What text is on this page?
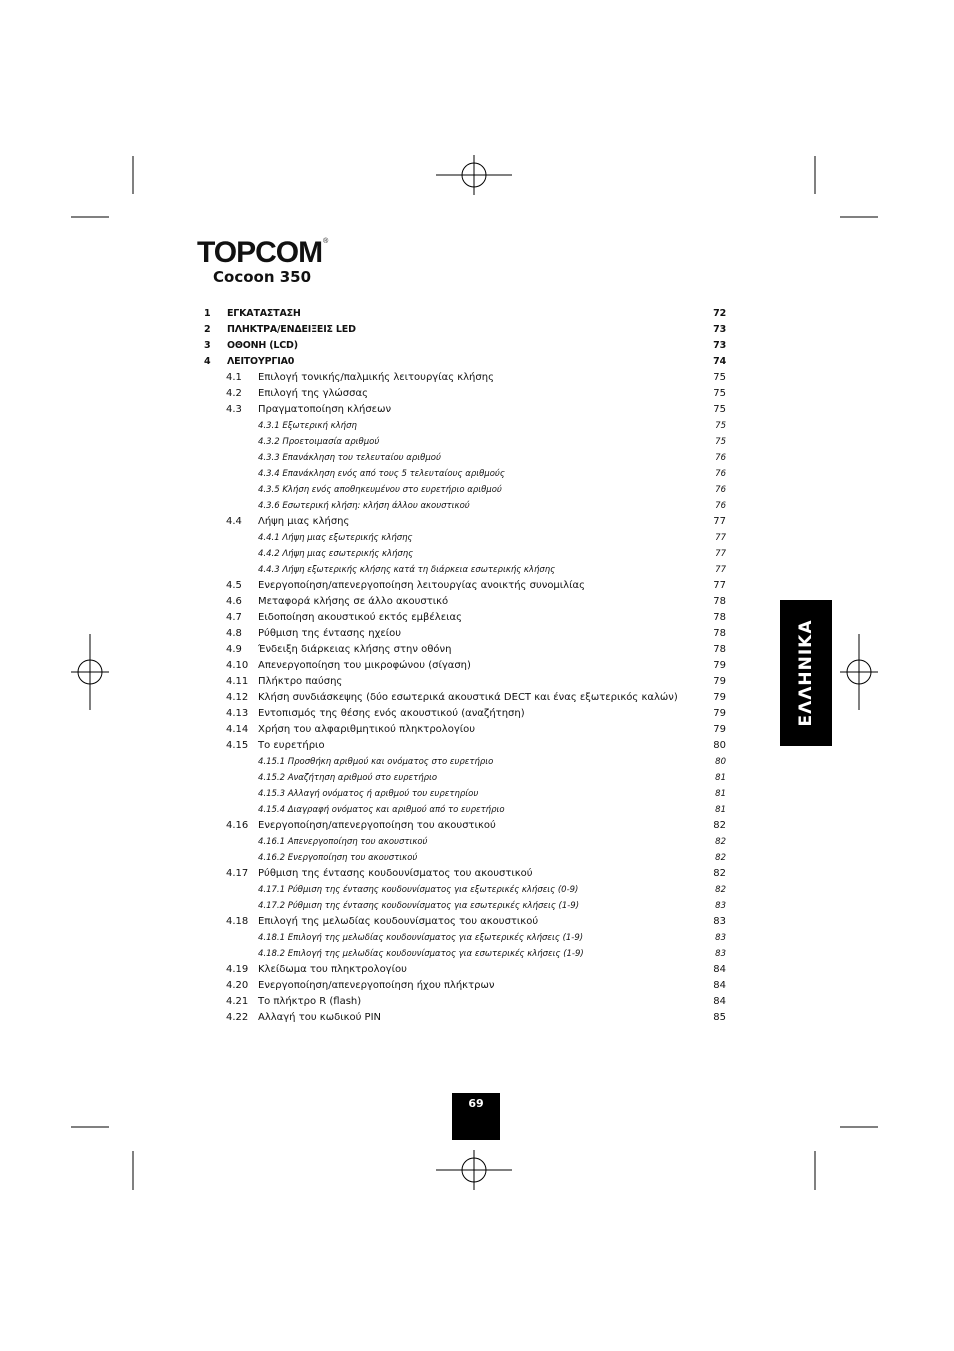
TOPCOM®
Cocoon 350
1 ΕΓΚΑΤΑΣΤΑΣΗ	72
2 ΠΛΗΚΤΡΑ/ΕΝΔΕΙΞΕΙΣ LED	73
3 ΟΘΟΝΗ (LCD)	73
4 ΛΕΙΤΟΥΡΓΙΑ0	74
4.1 Επιλογή τονικής/παλμικής λειτουργίας κλήσης	75
4.2 Επιλογή της γλώσσας	75
4.3 Πραγματοποίηση κλήσεων	75
4.3.1 Εξωτερική κλήση	75
4.3.2 Προετοιμασία αριθμού	75
4.3.3 Επανάκληση του τελευταίου αριθμού	76
4.3.4 Επανάκληση ενός από τους 5 τελευταίους αριθμούς	76
4.3.5 Κλήση ενός αποθηκευμένου στο ευρετήριο αριθμού	76
4.3.6 Εσωτερική κλήση: κλήση άλλου ακουστικού	76
4.4 Λήψη μιας κλήσης	77
4.4.1 Λήψη μιας εξωτερικής κλήσης	77
4.4.2 Λήψη μιας εσωτερικής κλήσης	77
4.4.3 Λήψη εξωτερικής κλήσης κατά τη διάρκεια εσωτερικής κλήσης	77
4.5 Ενεργοποίηση/απενεργοποίηση λειτουργίας ανοικτής συνομιλίας	77
4.6 Μεταφορά κλήσης σε άλλο ακουστικό	78
4.7 Ειδοποίηση ακουστικού εκτός εμβέλειας	78
4.8 Ρύθμιση της έντασης ηχείου	78
4.9 Ένδειξη διάρκειας κλήσης στην οθόνη	78
4.10 Απενεργοποίηση του μικροφώνου (σίγαση)	79
4.11 Πλήκτρο παύσης	79
4.12 Κλήση συνδιάσκεψης (δύο εσωτερικά ακουστικά DECT και ένας εξωτερικός καλών)	79
4.13 Εντοπισμός της θέσης ενός ακουστικού (αναζήτηση)	79
4.14 Χρήση του αλφαριθμητικού πληκτρολογίου	79
4.15 Το ευρετήριο	80
4.15.1 Προσθήκη αριθμού και ονόματος στο ευρετήριο	80
4.15.2 Αναζήτηση αριθμού στο ευρετήριο	81
4.15.3 Αλλαγή ονόματος ή αριθμού του ευρετηρίου	81
4.15.4 Διαγραφή ονόματος και αριθμού από το ευρετήριο	81
4.16 Ενεργοποίηση/απενεργοποίηση του ακουστικού	82
4.16.1 Απενεργοποίηση του ακουστικού	82
4.16.2 Ενεργοποίηση του ακουστικού	82
4.17 Ρύθμιση της έντασης κουδουνίσματος του ακουστικού	82
4.17.1 Ρύθμιση της έντασης κουδουνίσματος για εξωτερικές κλήσεις (0-9)	82
4.17.2 Ρύθμιση της έντασης κουδουνίσματος για εσωτερικές κλήσεις (1-9)	83
4.18 Επιλογή της μελωδίας κουδουνίσματος του ακουστικού	83
4.18.1 Επιλογή της μελωδίας κουδουνίσματος για εξωτερικές κλήσεις (1-9)	83
4.18.2 Επιλογή της μελωδίας κουδουνίσματος για εσωτερικές κλήσεις (1-9)	83
4.19 Κλείδωμα του πληκτρολογίου	84
4.20 Ενεργοποίηση/απενεργοποίηση ήχου πλήκτρων	84
4.21 Το πλήκτρο R (flash)	84
4.22 Αλλαγή του κωδικού PIN	85
ΕΛΛΗΝΙΚΑ
69
